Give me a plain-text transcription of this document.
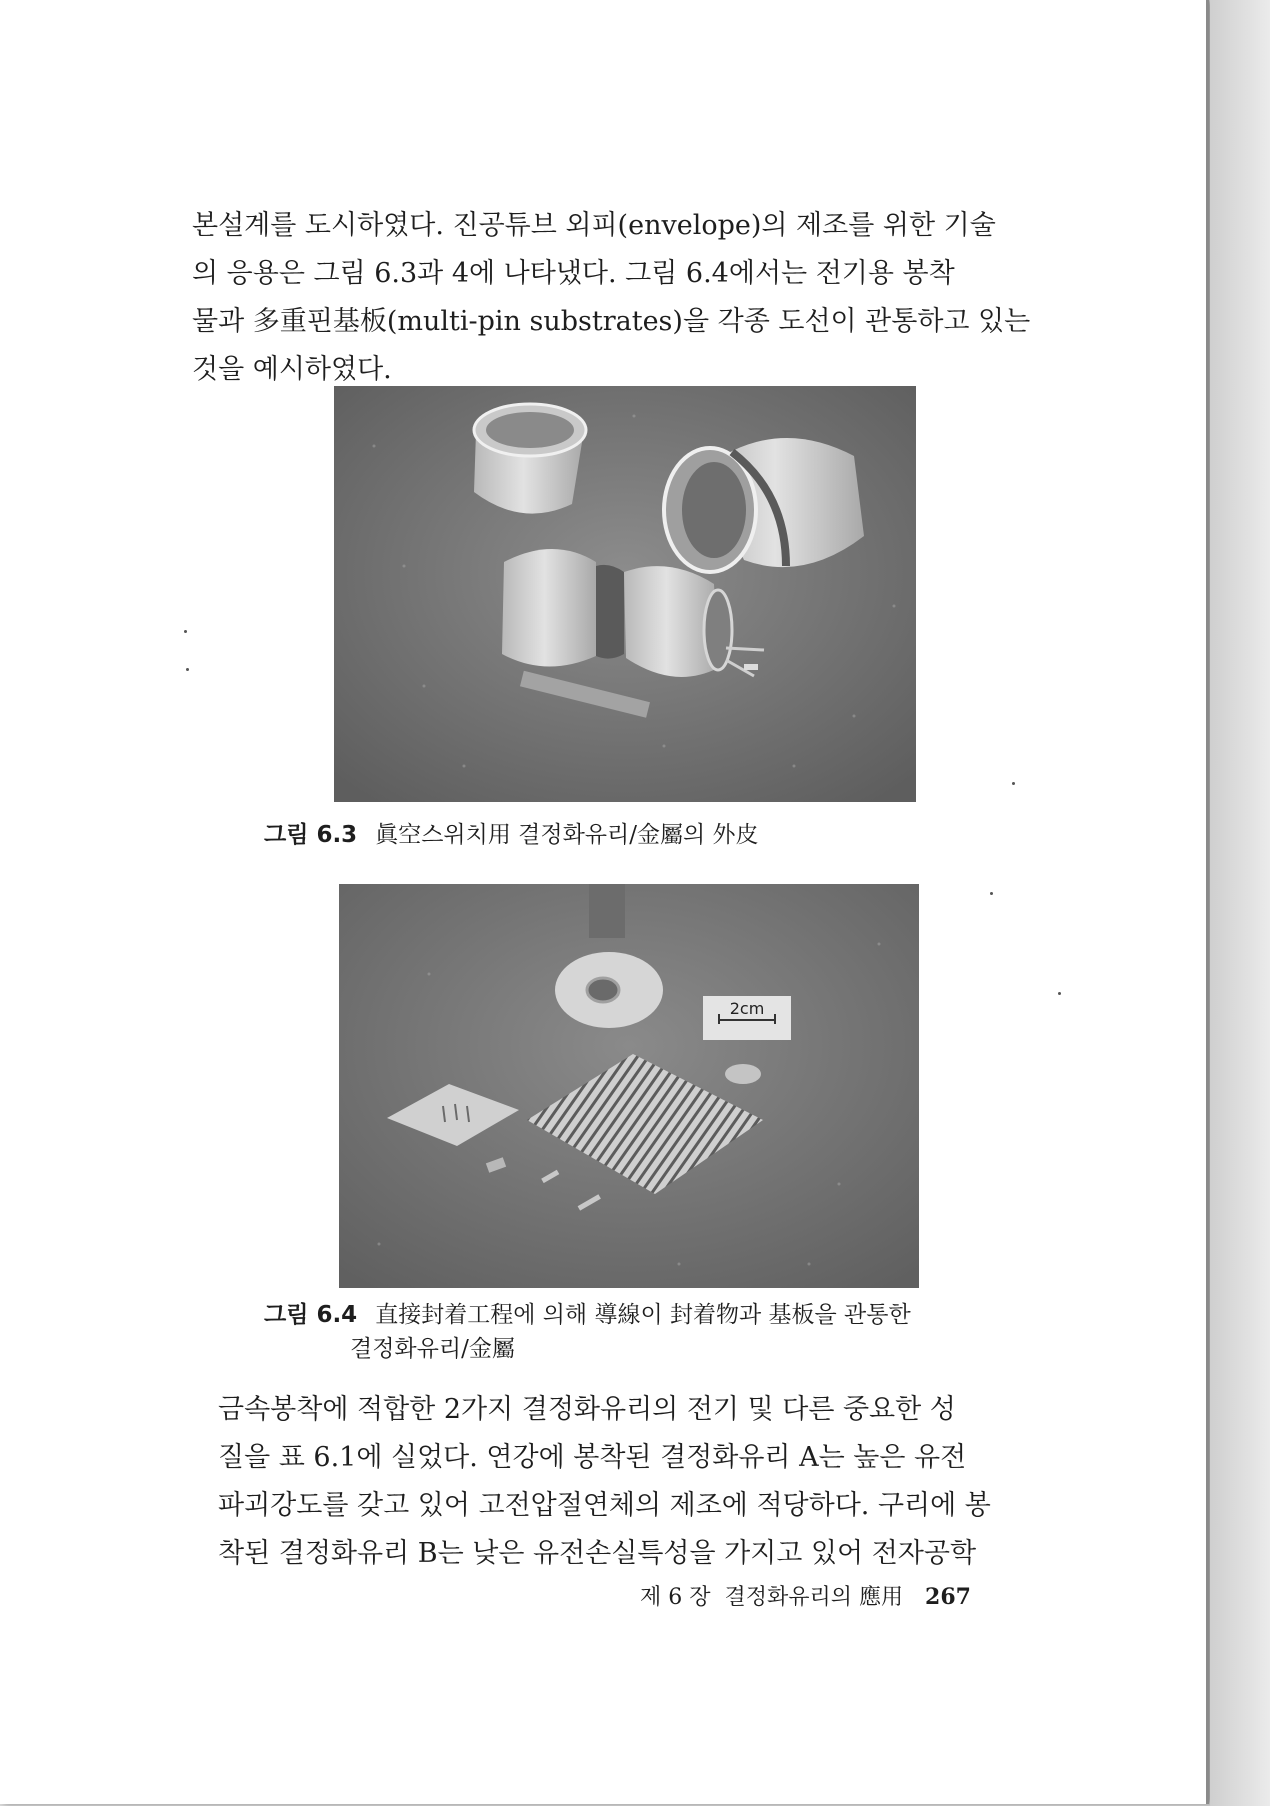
본설계를 도시하였다. 진공튜브 외피(envelope)의 제조를 위한 기술
의 응용은 그림 6.3과 4에 나타냈다. 그림 6.4에서는 전기용 봉착
물과 多重핀基板(multi-pin substrates)을 각종 도선이 관통하고 있는
것을 예시하였다.

그림 6.3 眞空스위치用 결정화유리/金屬의 外皮

2cm

그림 6.4 直接封着工程에 의해 導線이 封着物과 基板을 관통한
결정화유리/金屬

금속봉착에 적합한 2가지 결정화유리의 전기 및 다른 중요한 성
질을 표 6.1에 실었다. 연강에 봉착된 결정화유리 A는 높은 유전
파괴강도를 갖고 있어 고전압절연체의 제조에 적당하다. 구리에 봉
착된 결정화유리 B는 낮은 유전손실특성을 가지고 있어 전자공학

제 6 장 결정화유리의 應用 267
